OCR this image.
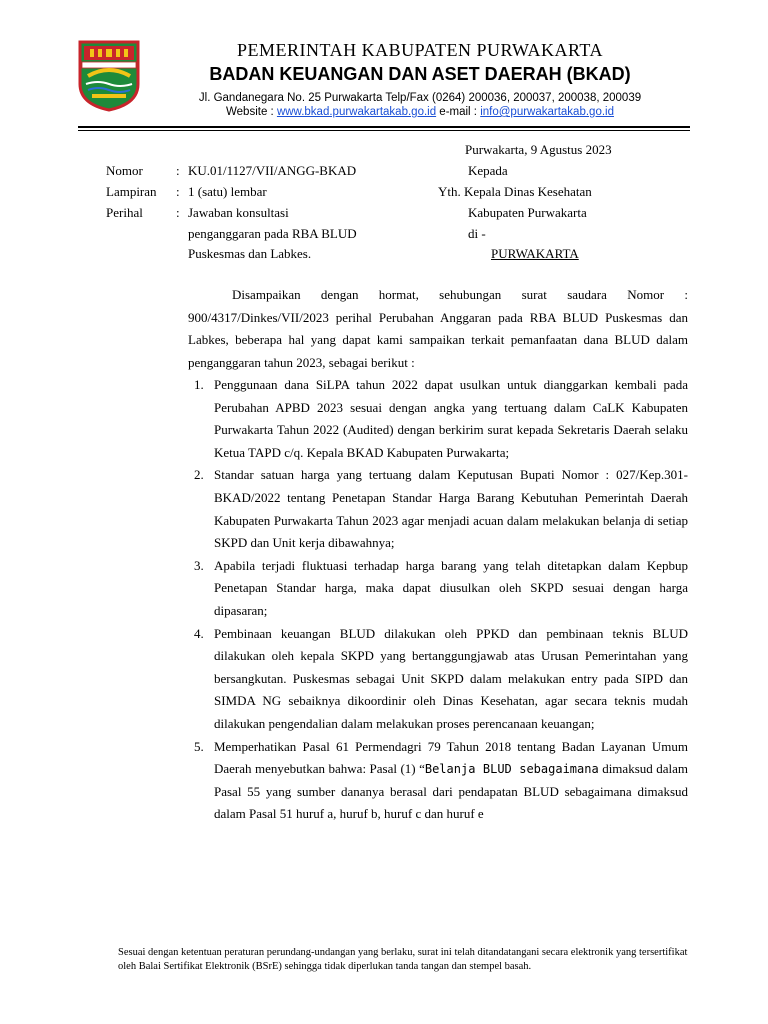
PEMERINTAH KABUPATEN PURWAKARTA
BADAN KEUANGAN DAN ASET DAERAH (BKAD)
Jl. Gandanegara No. 25 Purwakarta Telp/Fax (0264) 200036, 200037, 200038, 200039
Website : www.bkad.purwakartakab.go.id e-mail : info@purwakartakab.go.id
Purwakarta, 9 Agustus 2023
Nomor	: KU.01/1127/VII/ANGG-BKAD
Lampiran	: 1 (satu) lembar
Perihal	: Jawaban konsultasi
penganggaran pada RBA BLUD
Puskesmas dan Labkes.
Kepada
Yth. Kepala Dinas Kesehatan
Kabupaten Purwakarta
di -
PURWAKARTA
Disampaikan dengan hormat, sehubungan surat saudara Nomor : 900/4317/Dinkes/VII/2023 perihal Perubahan Anggaran pada RBA BLUD Puskesmas dan Labkes, beberapa hal yang dapat kami sampaikan terkait pemanfaatan dana BLUD dalam penganggaran tahun 2023, sebagai berikut :
1. Penggunaan dana SiLPA tahun 2022 dapat usulkan untuk dianggarkan kembali pada Perubahan APBD 2023 sesuai dengan angka yang tertuang dalam CaLK Kabupaten Purwakarta Tahun 2022 (Audited) dengan berkirim surat kepada Sekretaris Daerah selaku Ketua TAPD c/q. Kepala BKAD Kabupaten Purwakarta;
2. Standar satuan harga yang tertuang dalam Keputusan Bupati Nomor : 027/Kep.301-BKAD/2022 tentang Penetapan Standar Harga Barang Kebutuhan Pemerintah Daerah Kabupaten Purwakarta Tahun 2023 agar menjadi acuan dalam melakukan belanja di setiap SKPD dan Unit kerja dibawahnya;
3. Apabila terjadi fluktuasi terhadap harga barang yang telah ditetapkan dalam Kepbup Penetapan Standar harga, maka dapat diusulkan oleh SKPD sesuai dengan harga dipasaran;
4. Pembinaan keuangan BLUD dilakukan oleh PPKD dan pembinaan teknis BLUD dilakukan oleh kepala SKPD yang bertanggungjawab atas Urusan Pemerintahan yang bersangkutan. Puskesmas sebagai Unit SKPD dalam melakukan entry pada SIPD dan SIMDA NG sebaiknya dikoordinir oleh Dinas Kesehatan, agar secara teknis mudah dilakukan pengendalian dalam melakukan proses perencanaan keuangan;
5. Memperhatikan Pasal 61 Permendagri 79 Tahun 2018 tentang Badan Layanan Umum Daerah menyebutkan bahwa: Pasal (1) “Belanja BLUD sebagaimana dimaksud dalam Pasal 55 yang sumber dananya berasal dari pendapatan BLUD sebagaimana dimaksud dalam Pasal 51 huruf a, huruf b, huruf c dan huruf e
Sesuai dengan ketentuan peraturan perundang-undangan yang berlaku, surat ini telah ditandatangani secara elektronik yang tersertifikat oleh Balai Sertifikat Elektronik (BSrE) sehingga tidak diperlukan tanda tangan dan stempel basah.
